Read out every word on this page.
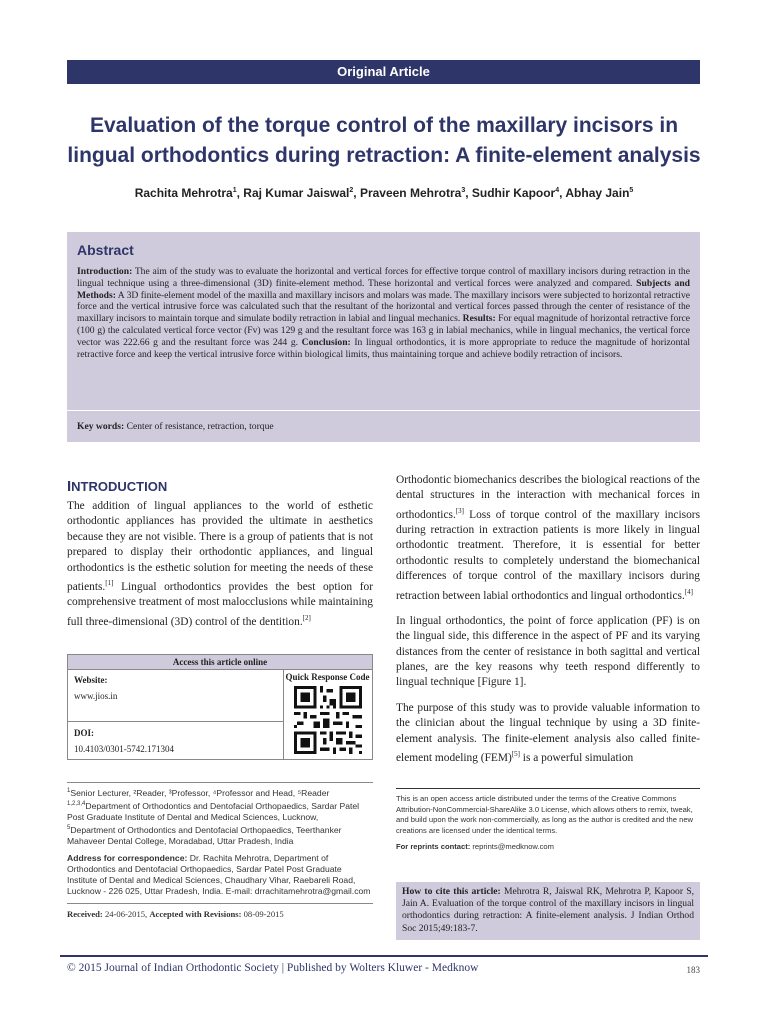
Original Article
Evaluation of the torque control of the maxillary incisors in lingual orthodontics during retraction: A finite-element analysis
Rachita Mehrotra$^1$, Raj Kumar Jaiswal$^2$, Praveen Mehrotra$^3$, Sudhir Kapoor$^4$, Abhay Jain$^5$
Abstract

Introduction: The aim of the study was to evaluate the horizontal and vertical forces for effective torque control of maxillary incisors during retraction in the lingual technique using a three-dimensional (3D) finite-element method. These horizontal and vertical forces were analyzed and compared. Subjects and Methods: A 3D finite-element model of the maxilla and maxillary incisors and molars was made. The maxillary incisors were subjected to horizontal retractive force and the vertical intrusive force was calculated such that the resultant of the horizontal and vertical forces passed through the center of resistance of the maxillary incisors to maintain torque and simulate bodily retraction in labial and lingual mechanics. Results: For equal magnitude of horizontal retractive force (100 g) the calculated vertical force vector (Fv) was 129 g and the resultant force was 163 g in labial mechanics, while in lingual mechanics, the vertical force vector was 222.66 g and the resultant force was 244 g. Conclusion: In lingual orthodontics, it is more appropriate to reduce the magnitude of horizontal retractive force and keep the vertical intrusive force within biological limits, thus maintaining torque and achieve bodily retraction of incisors.

Key words: Center of resistance, retraction, torque
INTRODUCTION

The addition of lingual appliances to the world of esthetic orthodontic appliances has provided the ultimate in aesthetics because they are not visible. There is a group of patients that is not prepared to display their orthodontic appliances, and lingual orthodontics is the esthetic solution for meeting the needs of these patients.[1] Lingual orthodontics provides the best option for comprehensive treatment of most malocclusions while maintaining full three-dimensional (3D) control of the dentition.[2]

Orthodontic biomechanics describes the biological reactions of the dental structures in the interaction with mechanical forces in orthodontics.[3] Loss of torque control of the maxillary incisors during retraction in extraction patients is more likely in lingual orthodontic treatment. Therefore, it is essential for better orthodontic results to completely understand the biomechanical differences of torque control of the maxillary incisors during retraction between labial orthodontics and lingual orthodontics.[4]

In lingual orthodontics, the point of force application (PF) is on the lingual side, this difference in the aspect of PF and its varying distances from the center of resistance in both sagittal and vertical planes, are the key reasons why teeth respond differently to lingual technique [Figure 1].

The purpose of this study was to provide valuable information to the clinician about the lingual technique by using a 3D finite-element analysis. The finite-element analysis also called finite-element modeling (FEM)[5] is a powerful simulation

Access this article online
Website:
www.jios.in
DOI:
10.4103/0301-5742.171304
Quick Response Code

$^1$Senior Lecturer, ²Reader, ³Professor, ⁴Professor and Head, ⁵Reader
$^{1,2,3,4}$Department of Orthodontics and Dentofacial Orthopaedics, Sardar Patel Post Graduate Institute of Dental and Medical Sciences, Lucknow,
$^5$Department of Orthodontics and Dentofacial Orthopaedics, Teerthanker Mahaveer Dental College, Moradabad, Uttar Pradesh, India

Address for correspondence: Dr. Rachita Mehrotra, Department of Orthodontics and Dentofacial Orthopaedics, Sardar Patel Post Graduate Institute of Dental and Medical Sciences, Chaudhary Vihar, Raebareli Road, Lucknow - 226 025, Uttar Pradesh, India. E-mail: drrachitamehrotra@gmail.com

Received: 24-06-2015, Accepted with Revisions: 08-09-2015

This is an open access article distributed under the terms of the Creative Commons Attribution-NonCommercial-ShareAlike 3.0 License, which allows others to remix, tweak, and build upon the work non-commercially, as long as the author is credited and the new creations are licensed under the identical terms.

For reprints contact: reprints@medknow.com

How to cite this article: Mehrotra R, Jaiswal RK, Mehrotra P, Kapoor S, Jain A. Evaluation of the torque control of the maxillary incisors in lingual orthodontics during retraction: A finite-element analysis. J Indian Orthod Soc 2015;49:183-7.
© 2015 Journal of Indian Orthodontic Society | Published by Wolters Kluwer - Medknow	183
